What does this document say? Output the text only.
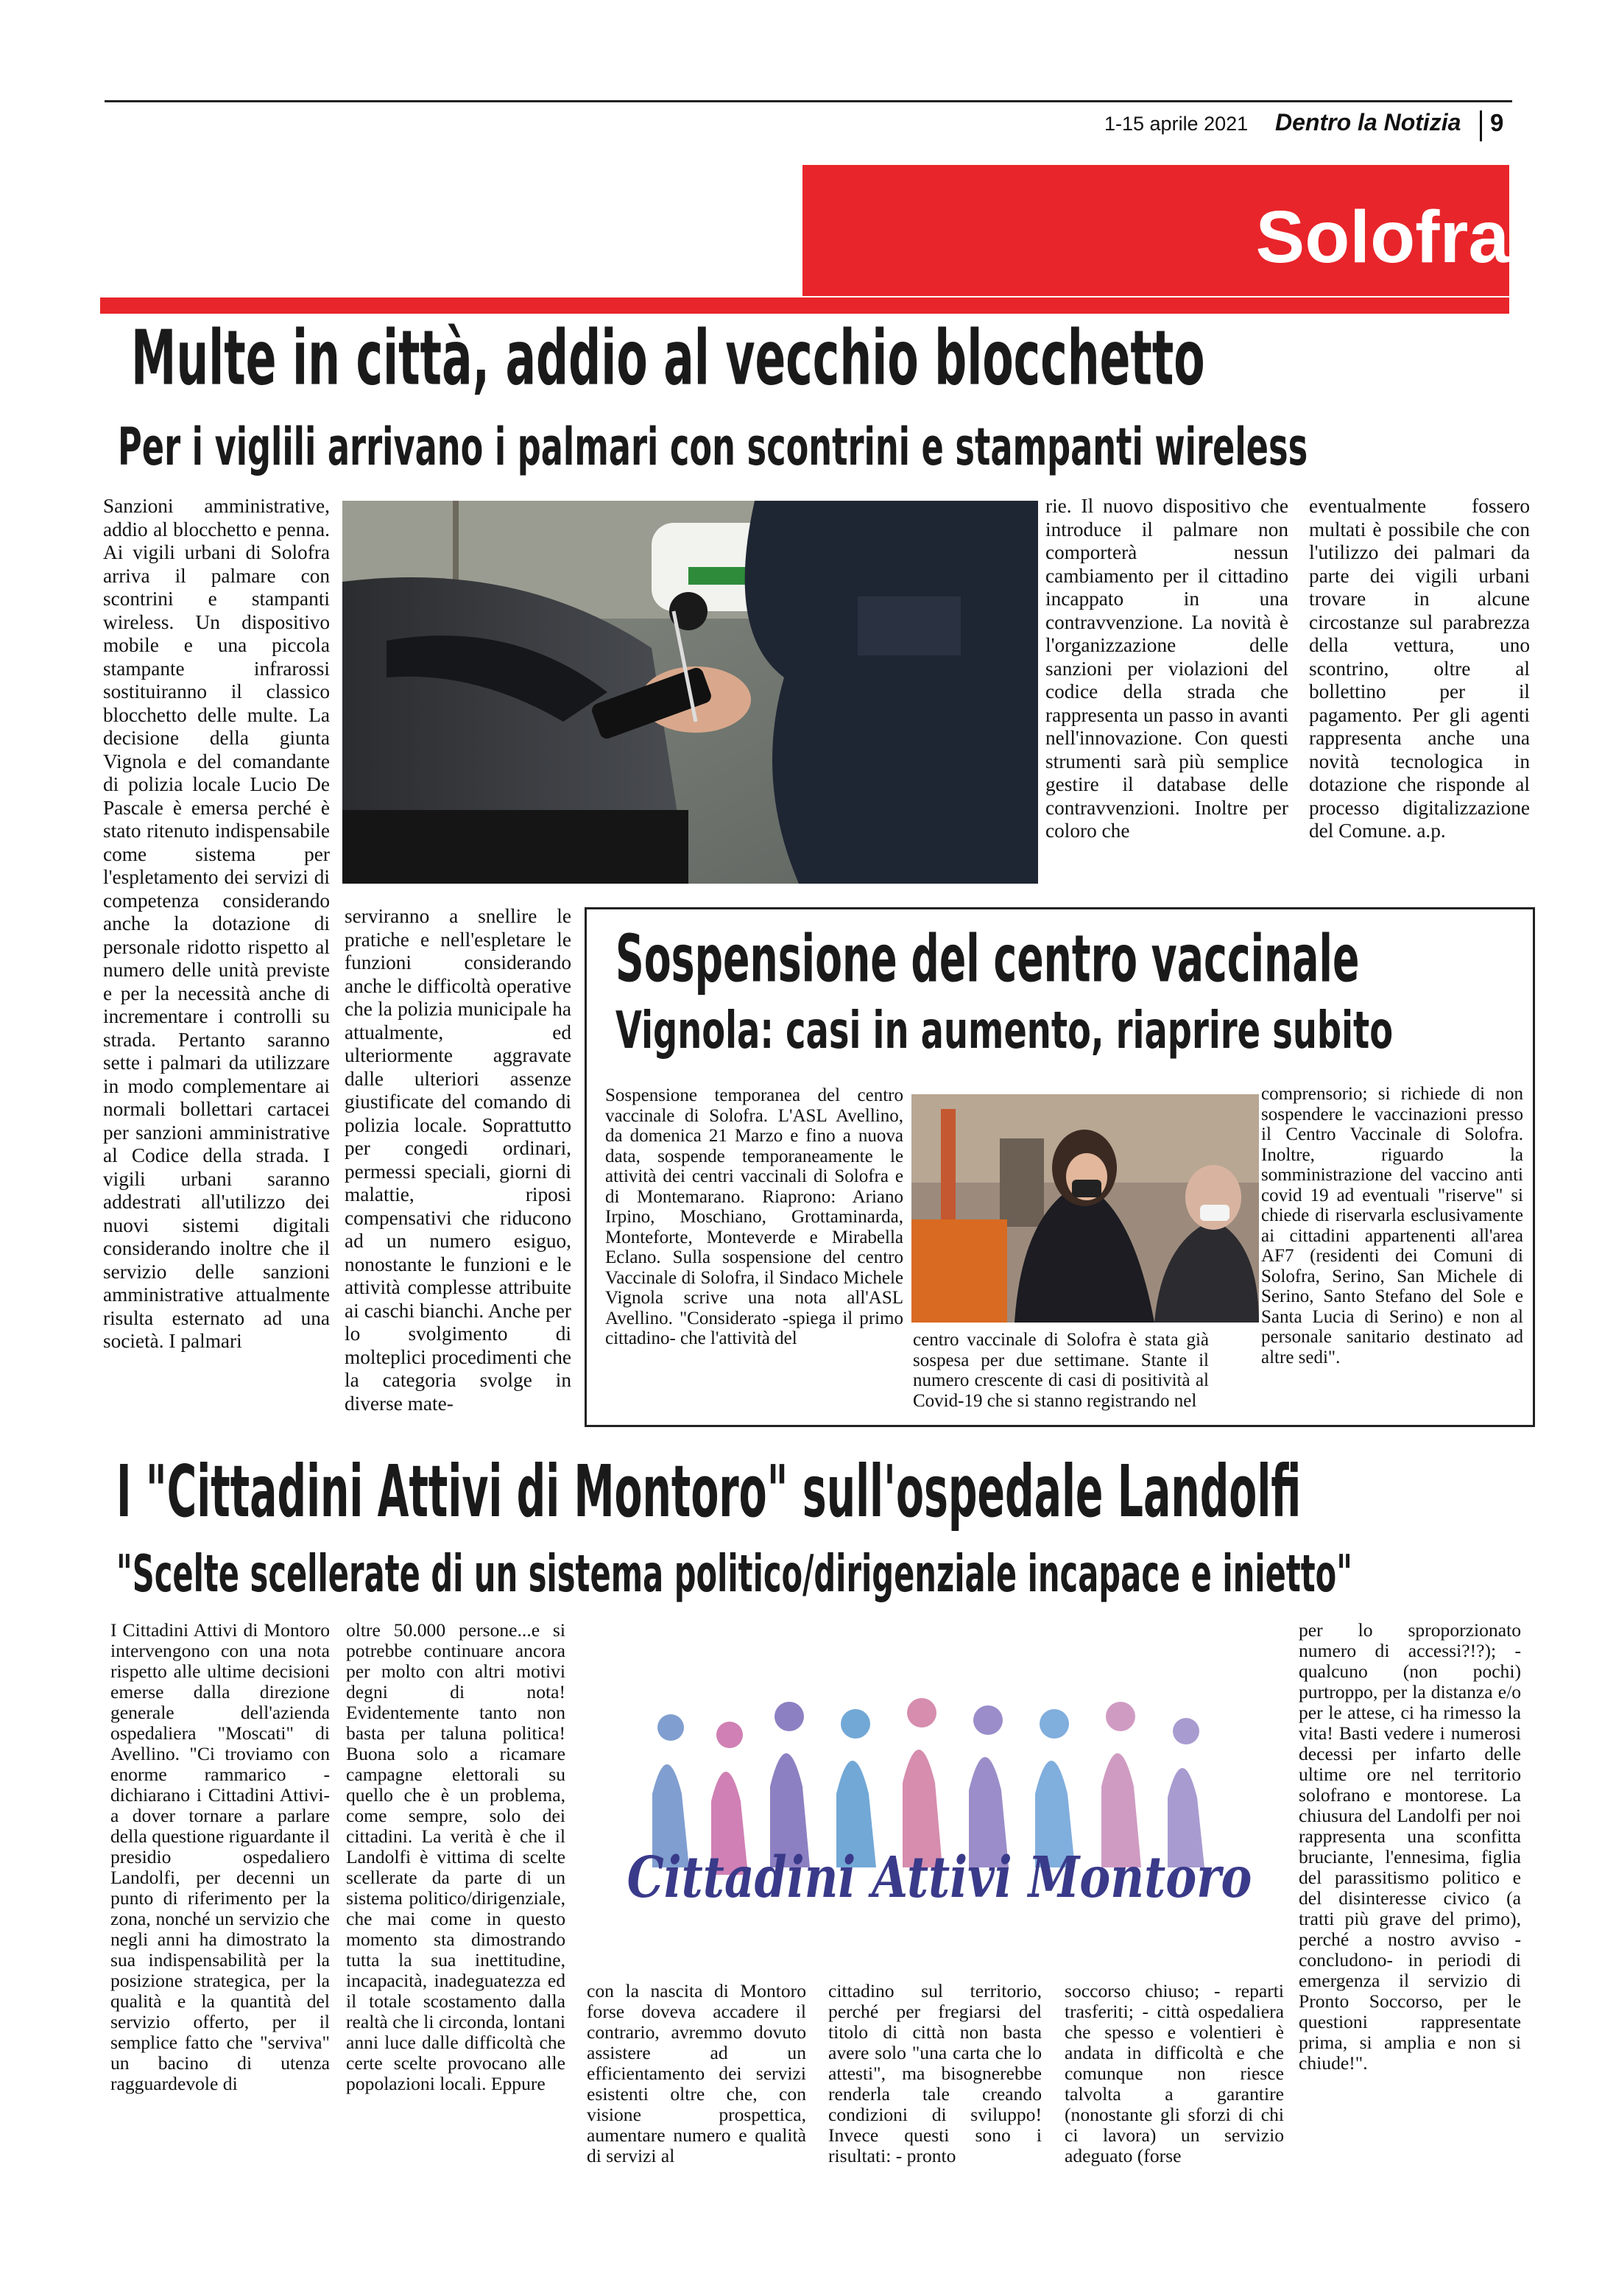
1-15 aprile 2021 Dentro la Notizia 9
Solofra
Multe in città, addio al vecchio blocchetto
Per i viglili arrivano i palmari con scontrini e stampanti wireless

Sanzioni amministrative, addio al blocchetto e penna. Ai vigili urbani di Solofra arriva il palmare con scontrini e stampanti wireless. Un dispositivo mobile e una piccola stampante infrarossi sostituiranno il classico blocchetto delle multe. La decisione della giunta Vignola e del comandante di polizia locale Lucio De Pascale è emersa perché è stato ritenuto indispensabile come sistema per l'espletamento dei servizi di competenza considerando anche la dotazione di personale ridotto rispetto al numero delle unità previste e per la necessità anche di incrementare i controlli su strada. Pertanto saranno sette i palmari da utilizzare in modo complementare ai normali bollettari cartacei per sanzioni amministrative al Codice della strada. I vigili urbani saranno addestrati all'utilizzo dei nuovi sistemi digitali considerando inoltre che il servizio delle sanzioni amministrative attualmente risulta esternato ad una società. I palmari

serviranno a snellire le pratiche e nell'espletare le funzioni considerando anche le difficoltà operative che la polizia municipale ha attualmente, ed ulteriormente aggravate dalle ulteriori assenze giustificate del comando di polizia locale. Soprattutto per congedi ordinari, permessi speciali, giorni di malattie, riposi compensativi che riducono ad un numero esiguo, nonostante le funzioni e le attività complesse attribuite ai caschi bianchi. Anche per lo svolgimento di molteplici procedimenti che la categoria svolge in diverse mate-

rie. Il nuovo dispositivo che introduce il palmare non comporterà nessun cambiamento per il cittadino incappato in una contravvenzione. La novità è l'organizzazione delle sanzioni per violazioni del codice della strada che rappresenta un passo in avanti nell'innovazione. Con questi strumenti sarà più semplice gestire il database delle contravvenzioni. Inoltre per coloro che

eventualmente fossero multati è possibile che con l'utilizzo dei palmari da parte dei vigili urbani trovare in alcune circostanze sul parabrezza della vettura, uno scontrino, oltre al bollettino per il pagamento. Per gli agenti rappresenta anche una novità tecnologica in dotazione che risponde al processo digitalizzazione del Comune. a.p.

Sospensione del centro vaccinale
Vignola: casi in aumento, riaprire subito

Sospensione temporanea del centro vaccinale di Solofra. L'ASL Avellino, da domenica 21 Marzo e fino a nuova data, sospende temporaneamente le attività dei centri vaccinali di Solofra e di Montemarano. Riaprono: Ariano Irpino, Moschiano, Grottaminarda, Monteforte, Monteverde e Mirabella Eclano. Sulla sospensione del centro Vaccinale di Solofra, il Sindaco Michele Vignola scrive una nota all'ASL Avellino. "Considerato -spiega il primo cittadino- che l'attività del	centro vaccinale di Solofra è stata già sospesa per due settimane. Stante il numero crescente di casi di positività al Covid-19 che si stanno registrando nel

comprensorio; si richiede di non sospendere le vaccinazioni presso il Centro Vaccinale di Solofra. Inoltre, riguardo la somministrazione del vaccino anti covid 19 ad eventuali "riserve" si chiede di riservarla esclusivamente ai cittadini appartenenti all'area AF7 (residenti dei Comuni di Solofra, Serino, San Michele di Serino, Santo Stefano del Sole e Santa Lucia di Serino) e non al personale sanitario destinato ad altre sedi".

I "Cittadini Attivi di Montoro" sull'ospedale Landolfi
"Scelte scellerate di un sistema politico/dirigenziale incapace e inietto"

I Cittadini Attivi di Montoro intervengono con una nota rispetto alle ultime decisioni emerse dalla direzione generale dell'azienda ospedaliera "Moscati" di Avellino. "Ci troviamo con enorme rammarico -dichiarano i Cittadini Attivi- a dover tornare a parlare della questione riguardante il presidio ospedaliero Landolfi, per decenni un punto di riferimento per la zona, nonché un servizio che negli anni ha dimostrato la sua indispensabilità per la posizione strategica, per la qualità e la quantità del servizio offerto, per il semplice fatto che "serviva" un bacino di utenza ragguardevole di

oltre 50.000 persone...e si potrebbe continuare ancora per molto con altri motivi degni di nota! Evidentemente tanto non basta per taluna politica! Buona solo a ricamare campagne elettorali su quello che è un problema, come sempre, solo dei cittadini. La verità è che il Landolfi è vittima di scelte scellerate da parte di un sistema politico/dirigenziale, che mai come in questo momento sta dimostrando tutta la sua inettitudine, incapacità, inadeguatezza ed il totale scostamento dalla realtà che li circonda, lontani anni luce dalle difficoltà che certe scelte provocano alle popolazioni locali. Eppure

Cittadini Attivi Montoro

con la nascita di Montoro forse doveva accadere il contrario, avremmo dovuto assistere ad un efficientamento dei servizi esistenti oltre che, con visione prospettica, aumentare numero e qualità di servizi al

cittadino sul territorio, perché per fregiarsi del titolo di città non basta avere solo "una carta che lo attesti", ma bisognerebbe renderla tale creando condizioni di sviluppo! Invece questi sono i risultati: - pronto

soccorso chiuso; - reparti trasferiti; - città ospedaliera che spesso e volentieri è andata in difficoltà e che comunque non riesce talvolta a garantire (nonostante gli sforzi di chi ci lavora) un servizio adeguato (forse

per lo sproporzionato numero di accessi?!?); - qualcuno (non pochi) purtroppo, per la distanza e/o per le attese, ci ha rimesso la vita! Basti vedere i numerosi decessi per infarto delle ultime ore nel territorio solofrano e montorese. La chiusura del Landolfi per noi rappresenta una sconfitta bruciante, l'ennesima, figlia del parassitismo politico e del disinteresse civico (a tratti più grave del primo), perché a nostro avviso -concludono- in periodi di emergenza il servizio di Pronto Soccorso, per le questioni rappresentate prima, si amplia e non si chiude!".
